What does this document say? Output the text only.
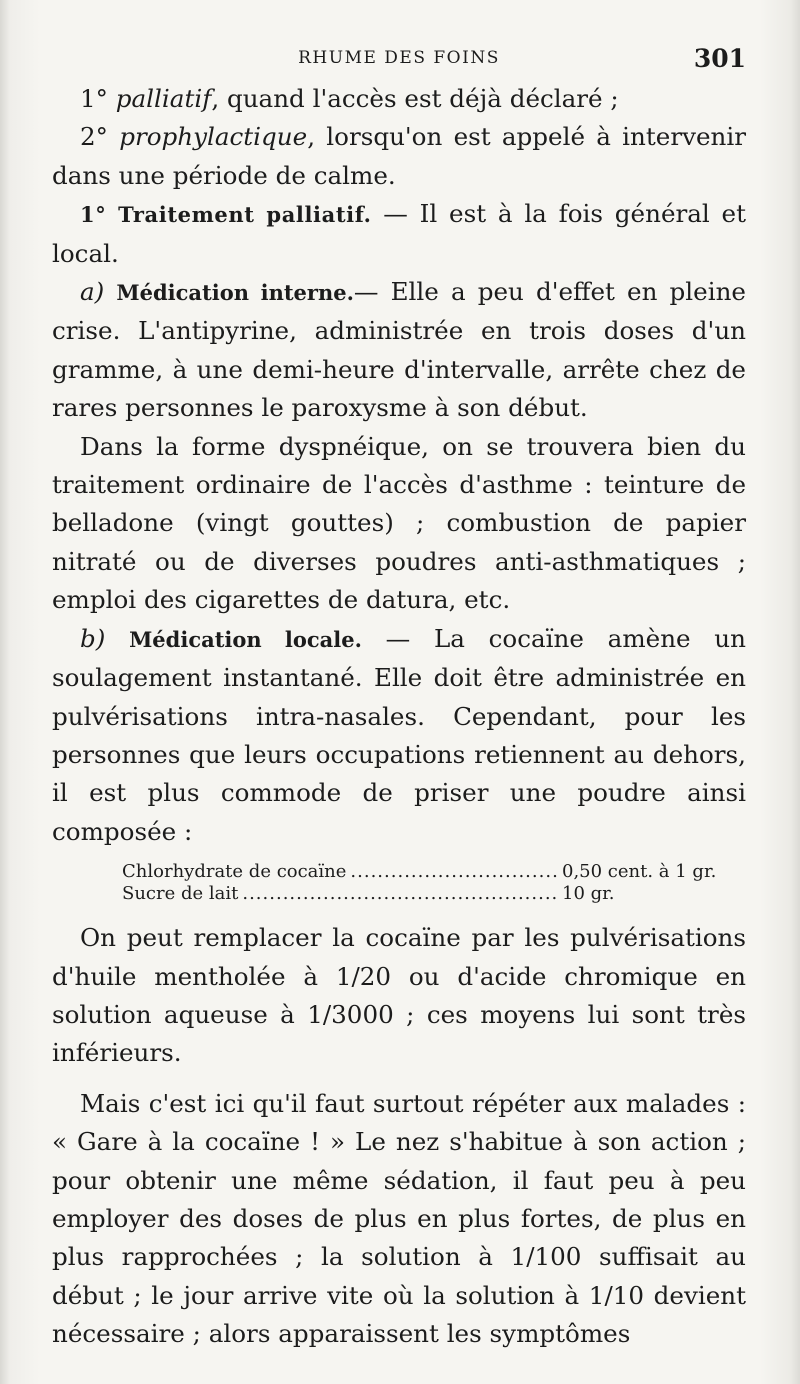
RHUME DES FOINS	301

1° palliatif, quand l'accès est déjà déclaré ;

2° prophylactique, lorsqu'on est appelé à intervenir dans une période de calme.

1° Traitement palliatif. — Il est à la fois général et local.

a) Médication interne.— Elle a peu d'effet en pleine crise. L'antipyrine, administrée en trois doses d'un gramme, à une demi-heure d'intervalle, arrête chez de rares personnes le paroxysme à son début.

Dans la forme dyspnéique, on se trouvera bien du traitement ordinaire de l'accès d'asthme : teinture de belladone (vingt gouttes) ; combustion de papier nitraté ou de diverses poudres anti-asthmatiques ; emploi des cigarettes de datura, etc.

b) Médication locale. — La cocaïne amène un soulagement instantané. Elle doit être administrée en pulvérisations intra-nasales. Cependant, pour les personnes que leurs occupations retiennent au dehors, il est plus commode de priser une poudre ainsi composée :

Chlorhydrate de cocaïne .....	0,50 cent. à 1 gr.
Sucre de lait .....	10 gr.

On peut remplacer la cocaïne par les pulvérisations d'huile mentholée à 1/20 ou d'acide chromique en solution aqueuse à 1/3000 ; ces moyens lui sont très inférieurs.

Mais c'est ici qu'il faut surtout répéter aux malades : « Gare à la cocaïne ! » Le nez s'habitue à son action ; pour obtenir une même sédation, il faut peu à peu employer des doses de plus en plus fortes, de plus en plus rapprochées ; la solution à 1/100 suffisait au début ; le jour arrive vite où la solution à 1/10 devient nécessaire ; alors apparaissent les symptômes
